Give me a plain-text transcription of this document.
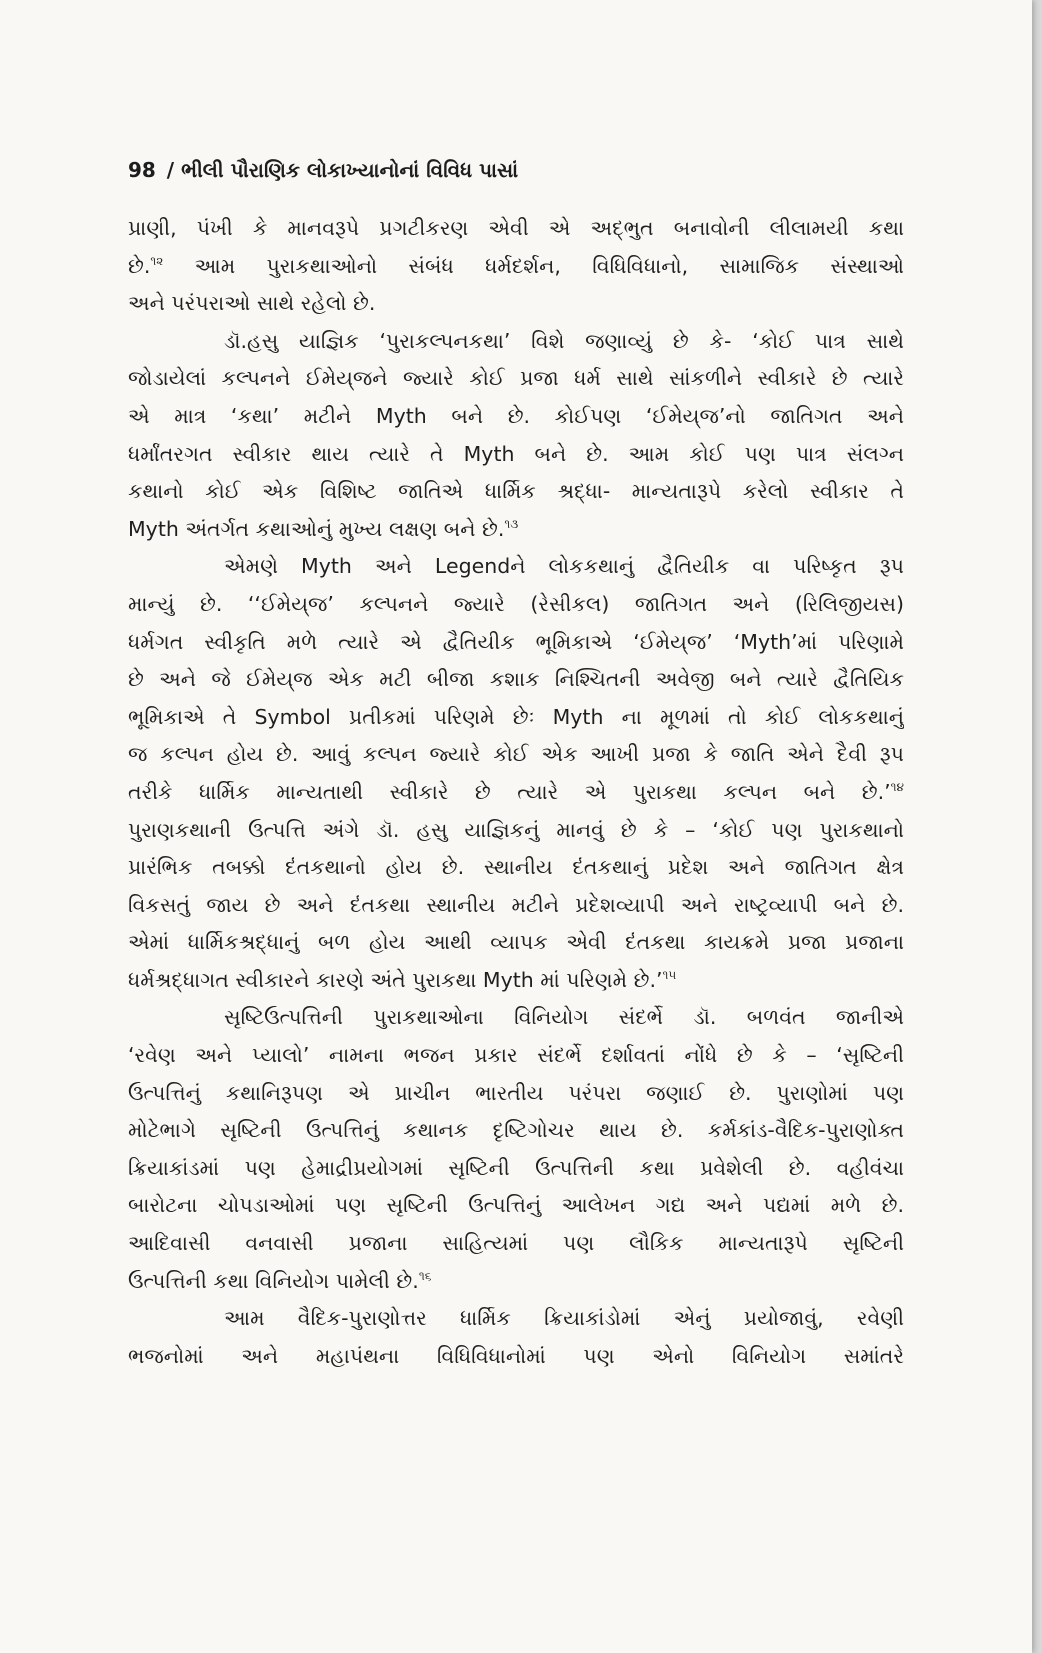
98 / ભીલી પૌરાણિક લોકાખ્યાનોનાં વિવિધ પાસાં
પ્રાણી, પંખી કે માનવરૂપે પ્રગટીકરણ એવી એ અદ્‌ભુત બનાવોની લીલામયી કથા
છે.$^{૧૨}$ આમ પુરાકથાઓનો સંબંધ ધર્મદર્શન, વિધિવિધાનો, સામાજિક સંસ્થાઓ
અને પરંપરાઓ સાથે રહેલો છે.
ડૉ.હસુ યાજ્ઞિક ‘પુરાકલ્પનકથા’ વિશે જણાવ્યું છે કે- ‘કોઈ પાત્ર સાથે
જોડાયેલાં કલ્પનને ઈમેય્‌જને જ્યારે કોઈ પ્રજા ધર્મ સાથે સાંકળીને સ્વીકારે છે ત્યારે
એ માત્ર ‘કથા’ મટીને Myth બને છે. કોઈપણ ‘ઈમેય્‌જ’નો જાતિગત અને
ધર્માંતરગત સ્વીકાર થાય ત્યારે તે Myth બને છે. આમ કોઈ પણ પાત્ર સંલગ્ન
કથાનો કોઈ એક વિશિષ્ટ જાતિએ ધાર્મિક શ્રદ્ધા- માન્યતારૂપે કરેલો સ્વીકાર તે
Myth અંતર્ગત કથાઓનું મુખ્ય લક્ષણ બને છે.$^{૧૩}$
એમણે Myth અને Legendને લોકકથાનું દ્વૈતિયીક વા પરિષ્કૃત રૂપ
માન્યું છે. ‘‘ઈમેય્‌જ’ કલ્પનને જ્યારે (રેસીકલ) જાતિગત અને (રિલિજીયસ)
ધર્મગત સ્વીકૃતિ મળે ત્યારે એ દ્વૈતિયીક ભૂમિકાએ ‘ઈમેય્‌જ’ ‘Myth’માં પરિણામે
છે અને જે ઈમેય્‌જ એક મટી બીજા કશાક નિશ્ચિતની અવેજી બને ત્યારે દ્વૈતિયિક
ભૂમિકાએ તે Symbol પ્રતીકમાં પરિણમે છેઃ Myth ના મૂળમાં તો કોઈ લોકકથાનું
જ કલ્પન હોય છે. આવું કલ્પન જ્યારે કોઈ એક આખી પ્રજા કે જાતિ એને દૈવી રૂપ
તરીકે ધાર્મિક માન્યતાથી સ્વીકારે છે ત્યારે એ પુરાકથા કલ્પન બને છે.’$^{૧૪}$
પુરાણકથાની ઉત્પત્તિ અંગે ડૉ. હસુ યાજ્ઞિકનું માનવું છે કે – ‘કોઈ પણ પુરાકથાનો
પ્રારંભિક તબક્કો દંતકથાનો હોય છે. સ્થાનીય દંતકથાનું પ્રદેશ અને જાતિગત ક્ષેત્ર
વિકસતું જાય છે અને દંતકથા સ્થાનીય મટીને પ્રદેશવ્યાપી અને રાષ્ટ્રવ્યાપી બને છે.
એમાં ધાર્મિકશ્રદ્ધાનું બળ હોય આથી વ્યાપક એવી દંતકથા કાયક્રમે પ્રજા પ્રજાના
ધર્મશ્રદ્ધાગત સ્વીકારને કારણે અંતે પુરાકથા Myth માં પરિણમે છે.’$^{૧૫}$
સૃષ્ટિઉત્પત્તિની પુરાકથાઓના વિનિયોગ સંદર્ભે ડૉ. બળવંત જાનીએ
‘રવેણ અને પ્યાલો’ નામના ભજન પ્રકાર સંદર્ભે દર્શાવતાં નોંધે છે કે – ‘સૃષ્ટિની
ઉત્પત્તિનું કથાનિરૂપણ એ પ્રાચીન ભારતીય પરંપરા જણાઈ છે. પુરાણોમાં પણ
મોટેભાગે સૃષ્ટિની ઉત્પત્તિનું કથાનક દૃષ્ટિગોચર થાય છે. કર્મકાંડ-વૈદિક-પુરાણોક્ત
ક્રિયાકાંડમાં પણ હેમાદ્રીપ્રયોગમાં સૃષ્ટિની ઉત્પત્તિની કથા પ્રવેશેલી છે. વહીવંચા
બારોટના ચોપડાઓમાં પણ સૃષ્ટિની ઉત્પત્તિનું આલેખન ગદ્ય અને પદ્યમાં મળે છે.
આદિવાસી વનવાસી પ્રજાના સાહિત્યમાં પણ લૌકિક માન્યતારૂપે સૃષ્ટિની
ઉત્પત્તિની કથા વિનિયોગ પામેલી છે.$^{૧૬}$
આમ વૈદિક-પુરાણોત્તર ધાર્મિક ક્રિયાકાંડોમાં એનું પ્રયોજાવું, રવેણી
ભજનોમાં અને મહાપંથના વિધિવિધાનોમાં પણ એનો વિનિયોગ સમાંતરે
